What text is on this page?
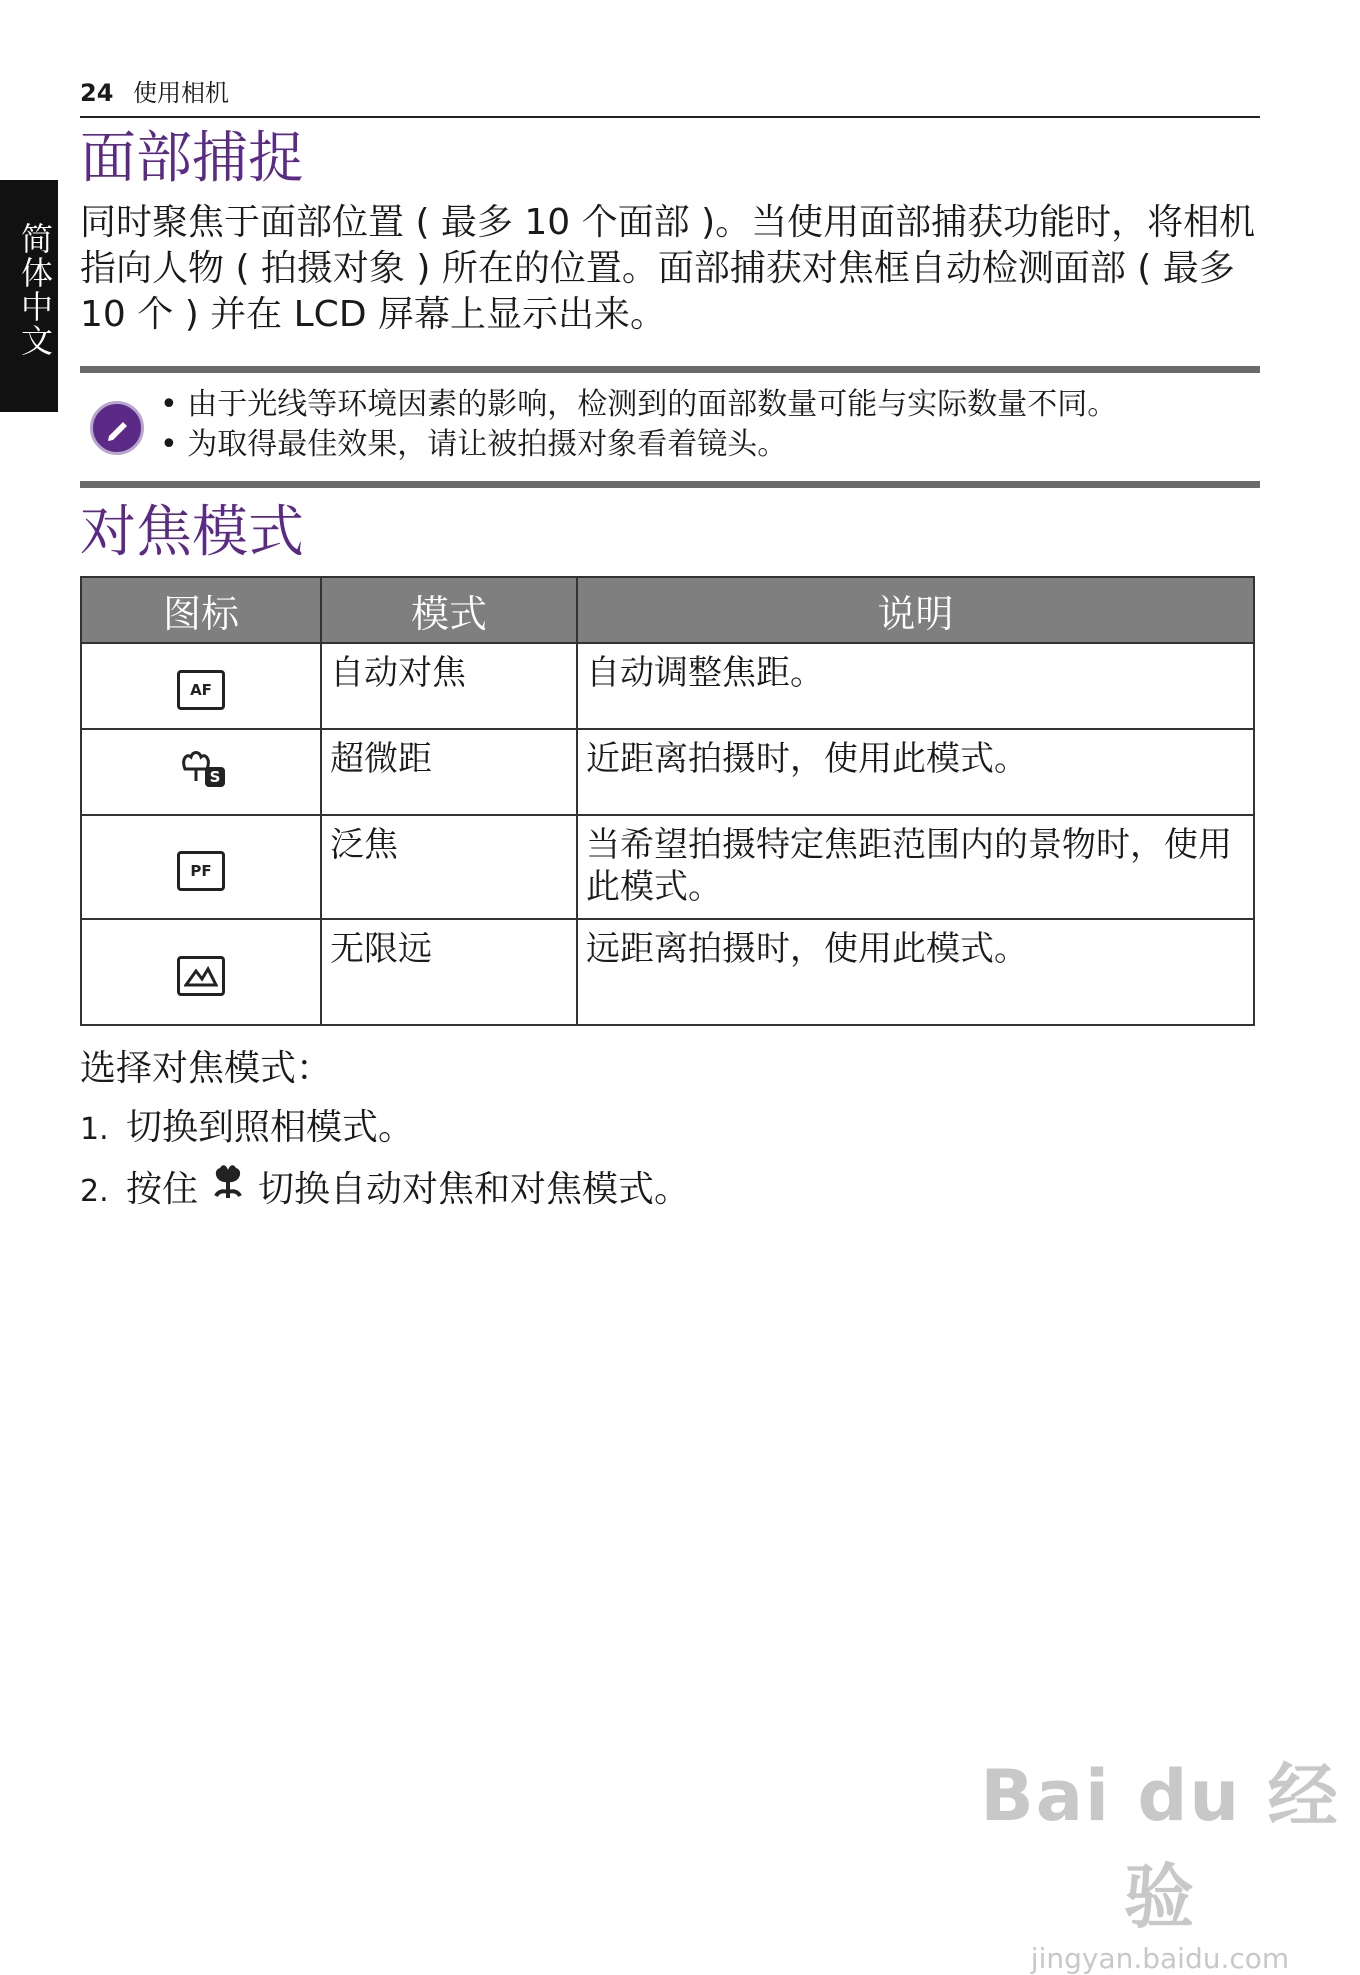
24 使用相机
简体中文
面部捕捉

同时聚焦于面部位置 ( 最多 10 个面部 )。当使用面部捕获功能时，将相机指向人物 ( 拍摄对象 ) 所在的位置。面部捕获对焦框自动检测面部 ( 最多 10 个 ) 并在 LCD 屏幕上显示出来。

• 由于光线等环境因素的影响，检测到的面部数量可能与实际数量不同。
• 为取得最佳效果，请让被拍摄对象看着镜头。
对焦模式
图标	模式	说明
AF	自动对焦	自动调整焦距。

S	超微距	近距离拍摄时，使用此模式。
PF	泛焦	当希望拍摄特定焦距范围内的景物时，使用此模式。
	无限远	远距离拍摄时，使用此模式。

选择对焦模式：

1. 切换到照相模式。
2. 按住 切换自动对焦和对焦模式。
Bai du 经验
jingyan.baidu.com
